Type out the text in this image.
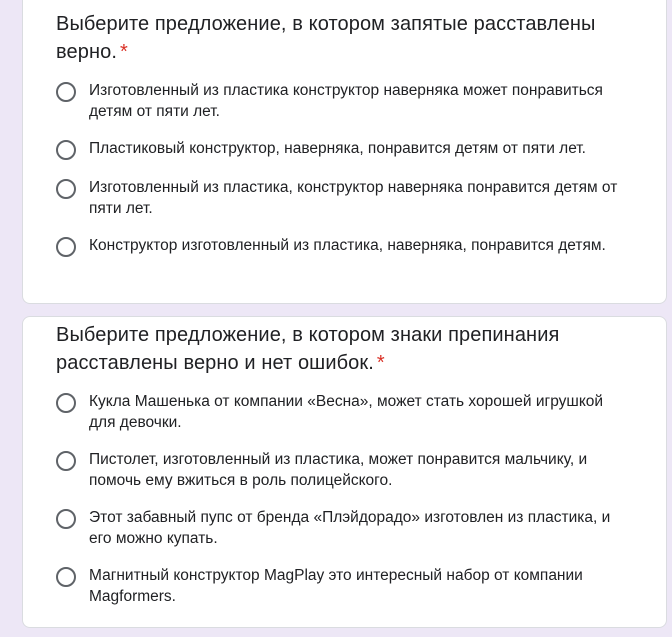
Выберите предложение, в котором запятые расставлены верно. *
Изготовленный из пластика конструктор наверняка может понравиться детям от пяти лет.
Пластиковый конструктор, наверняка, понравится детям от пяти лет.
Изготовленный из пластика, конструктор наверняка понравится детям от пяти лет.
Конструктор изготовленный из пластика, наверняка, понравится детям.
Выберите предложение, в котором знаки препинания расставлены верно и нет ошибок. *
Кукла Машенька от компании «Весна», может стать хорошей игрушкой для девочки.
Пистолет, изготовленный из пластика, может понравится мальчику, и помочь ему вжиться в роль полицейского.
Этот забавный пупс от бренда «Плэйдорадо» изготовлен из пластика, и его можно купать.
Магнитный конструктор MagPlay это интересный набор от компании Magformers.
